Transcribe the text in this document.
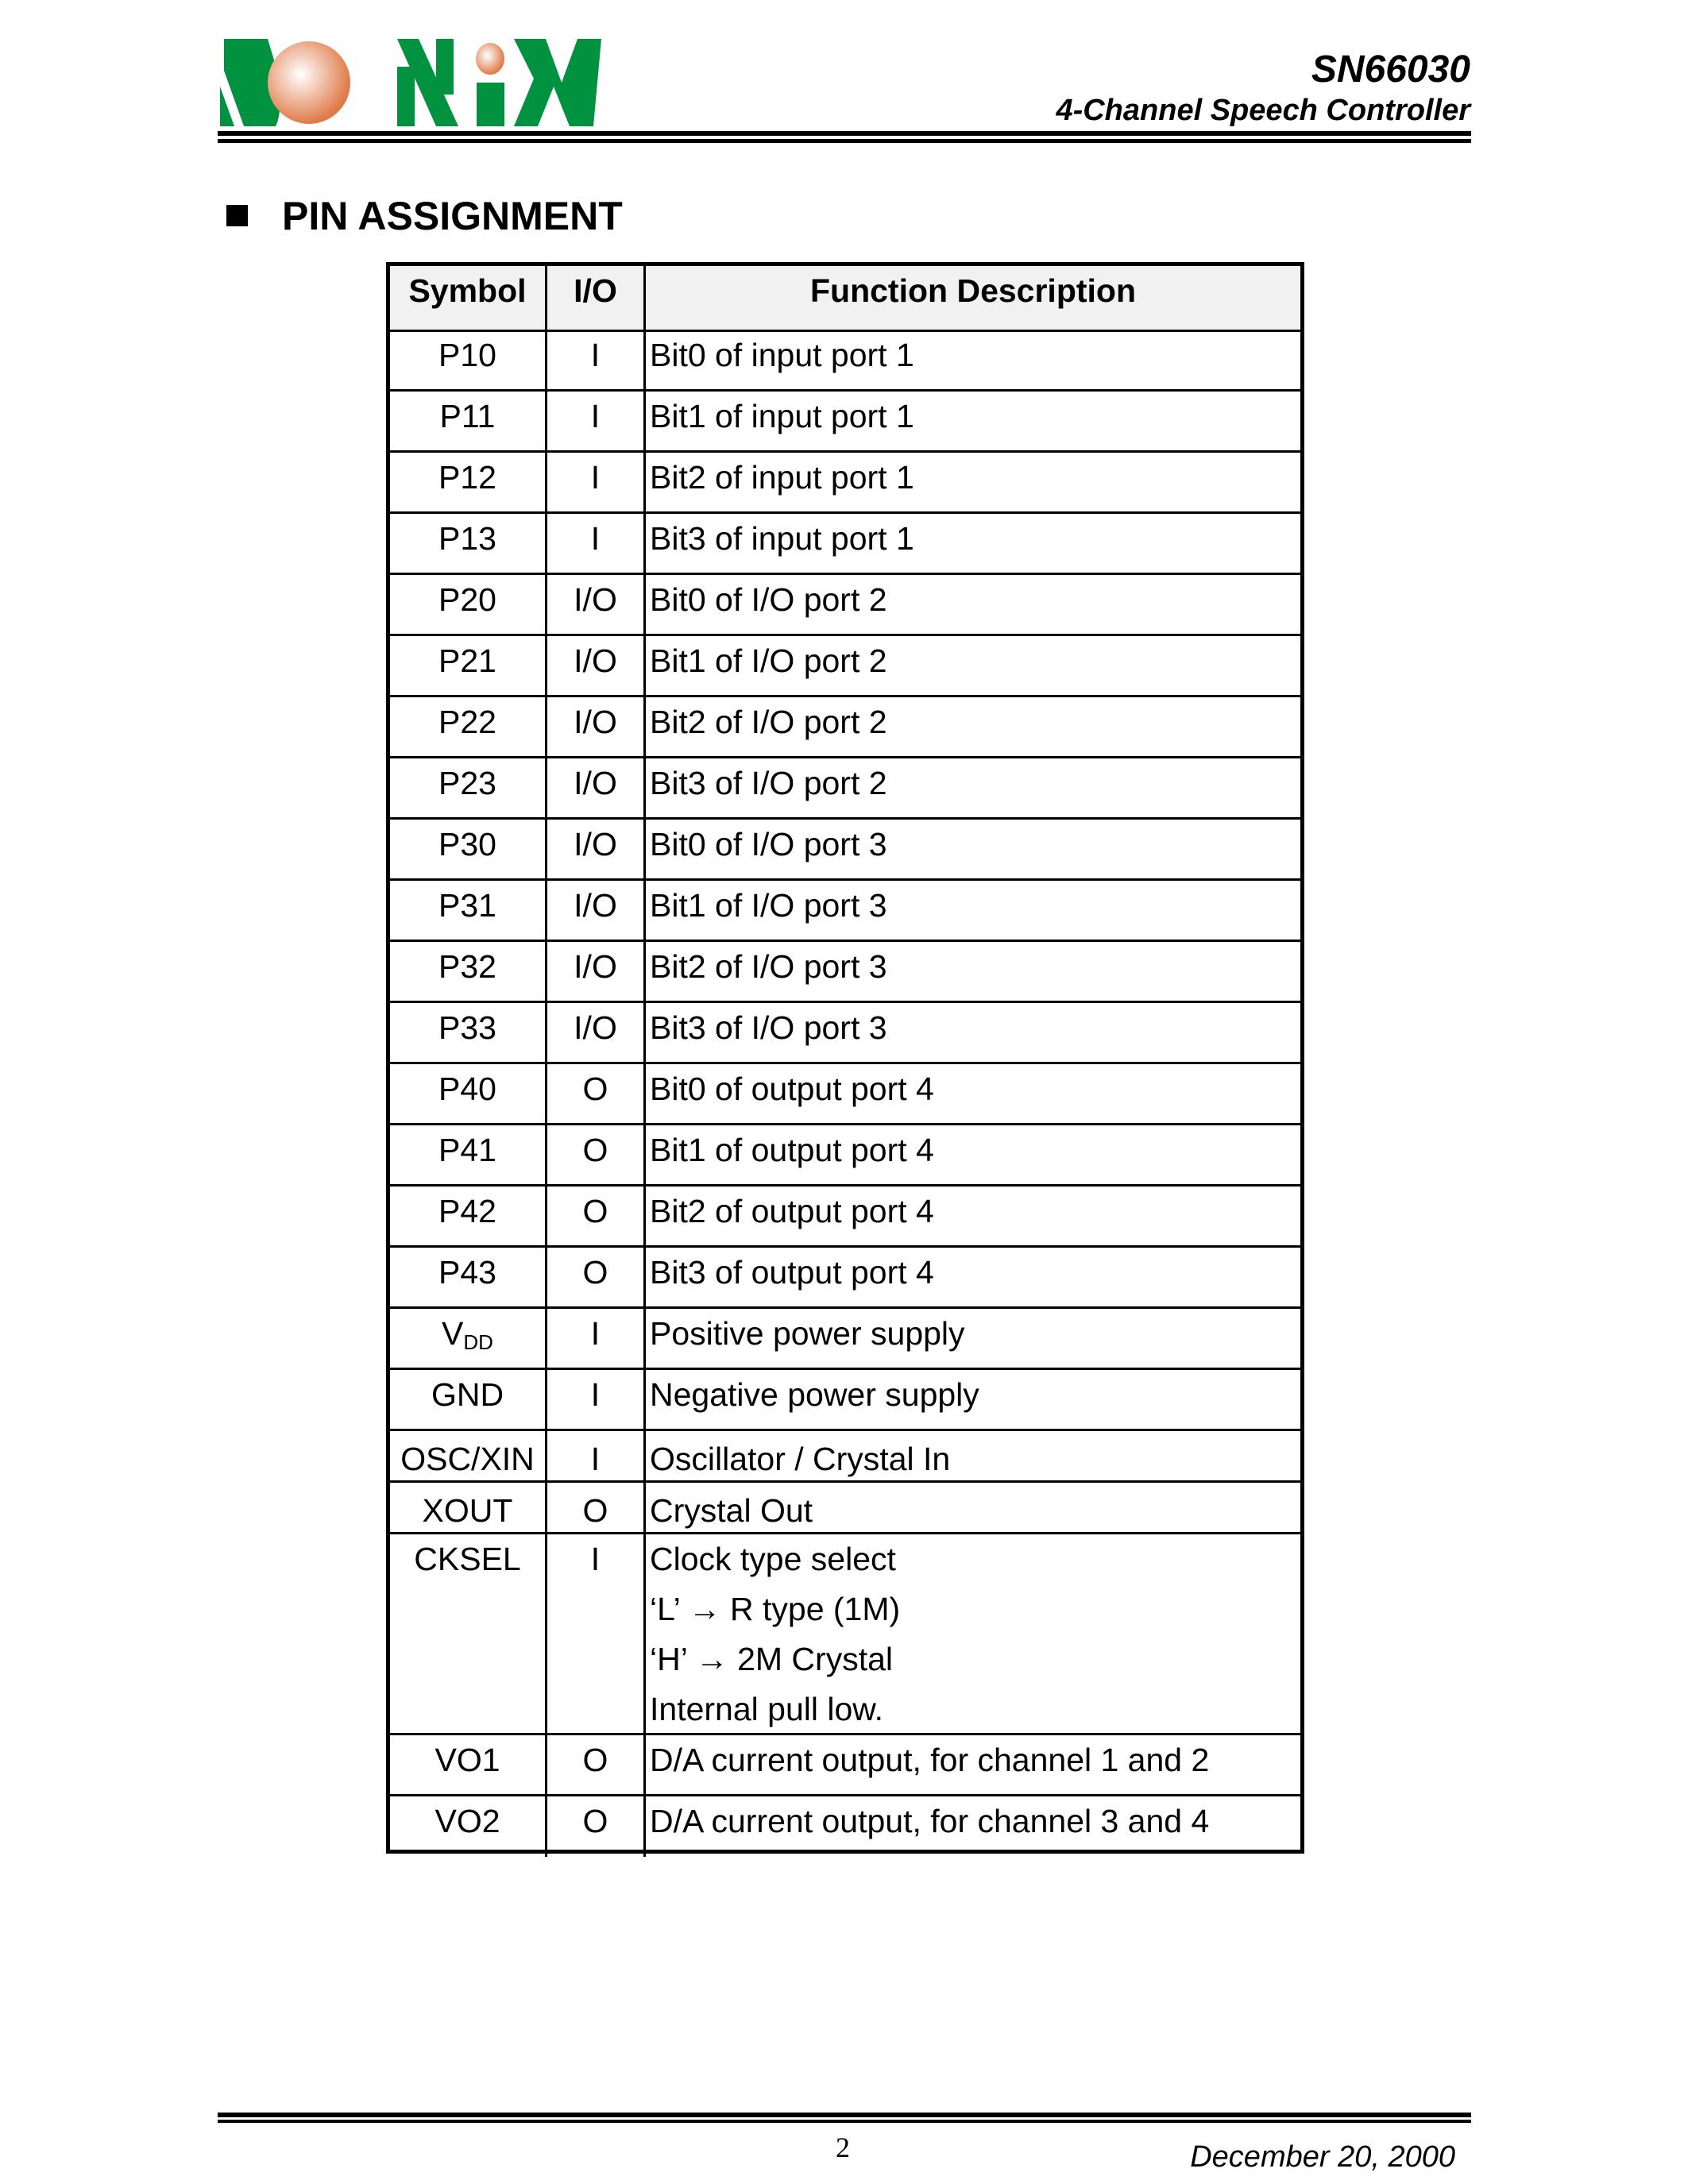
SN66030
4-Channel Speech Controller
PIN ASSIGNMENT
Symbol	I/O	Function Description
P10	I	Bit0 of input port 1
P11	I	Bit1 of input port 1
P12	I	Bit2 of input port 1
P13	I	Bit3 of input port 1
P20	I/O	Bit0 of I/O port 2
P21	I/O	Bit1 of I/O port 2
P22	I/O	Bit2 of I/O port 2
P23	I/O	Bit3 of I/O port 2
P30	I/O	Bit0 of I/O port 3
P31	I/O	Bit1 of I/O port 3
P32	I/O	Bit2 of I/O port 3
P33	I/O	Bit3 of I/O port 3
P40	O	Bit0 of output port 4
P41	O	Bit1 of output port 4
P42	O	Bit2 of output port 4
P43	O	Bit3 of output port 4
$V_{DD}$	I	Positive power supply
GND	I	Negative power supply
OSC/XIN	I	Oscillator / Crystal In
XOUT	O	Crystal Out
CKSEL	I	Clock type select
‘L’ → R type (1M)
‘H’ → 2M Crystal
Internal pull low.
VO1	O	D/A current output, for channel 1 and 2
VO2	O	D/A current output, for channel 3 and 4
2	December 20, 2000
